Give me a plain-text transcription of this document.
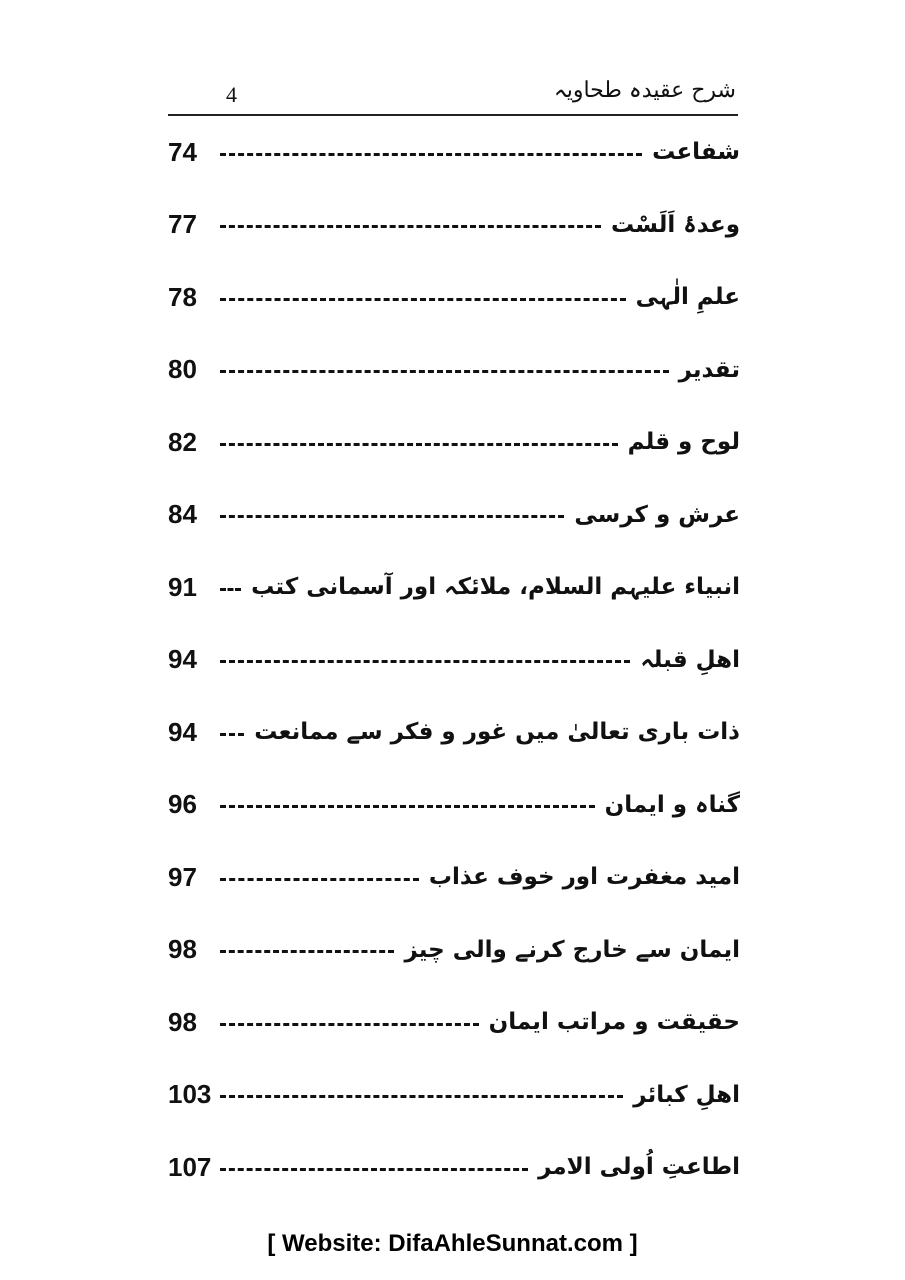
شرح عقیدہ طحاویہ
4
74	شفاعت
77	وعدۂ اَلَسْت
78	علمِ الٰہی
80	تقدیر
82	لوح و قلم
84	عرش و کرسی
91	انبیاء علیہم السلام، ملائکہ اور آسمانی کتب
94	اھلِ قبلہ
94	ذات باری تعالیٰ میں غور و فکر سے ممانعت
96	گناہ و ایمان
97	امید مغفرت اور خوف عذاب
98	ایمان سے خارج کرنے والی چیز
98	حقیقت و مراتب ایمان
103	اھلِ کبائر
107	اطاعتِ اُولی الامر
[ Website: DifaAhleSunnat.com ]
